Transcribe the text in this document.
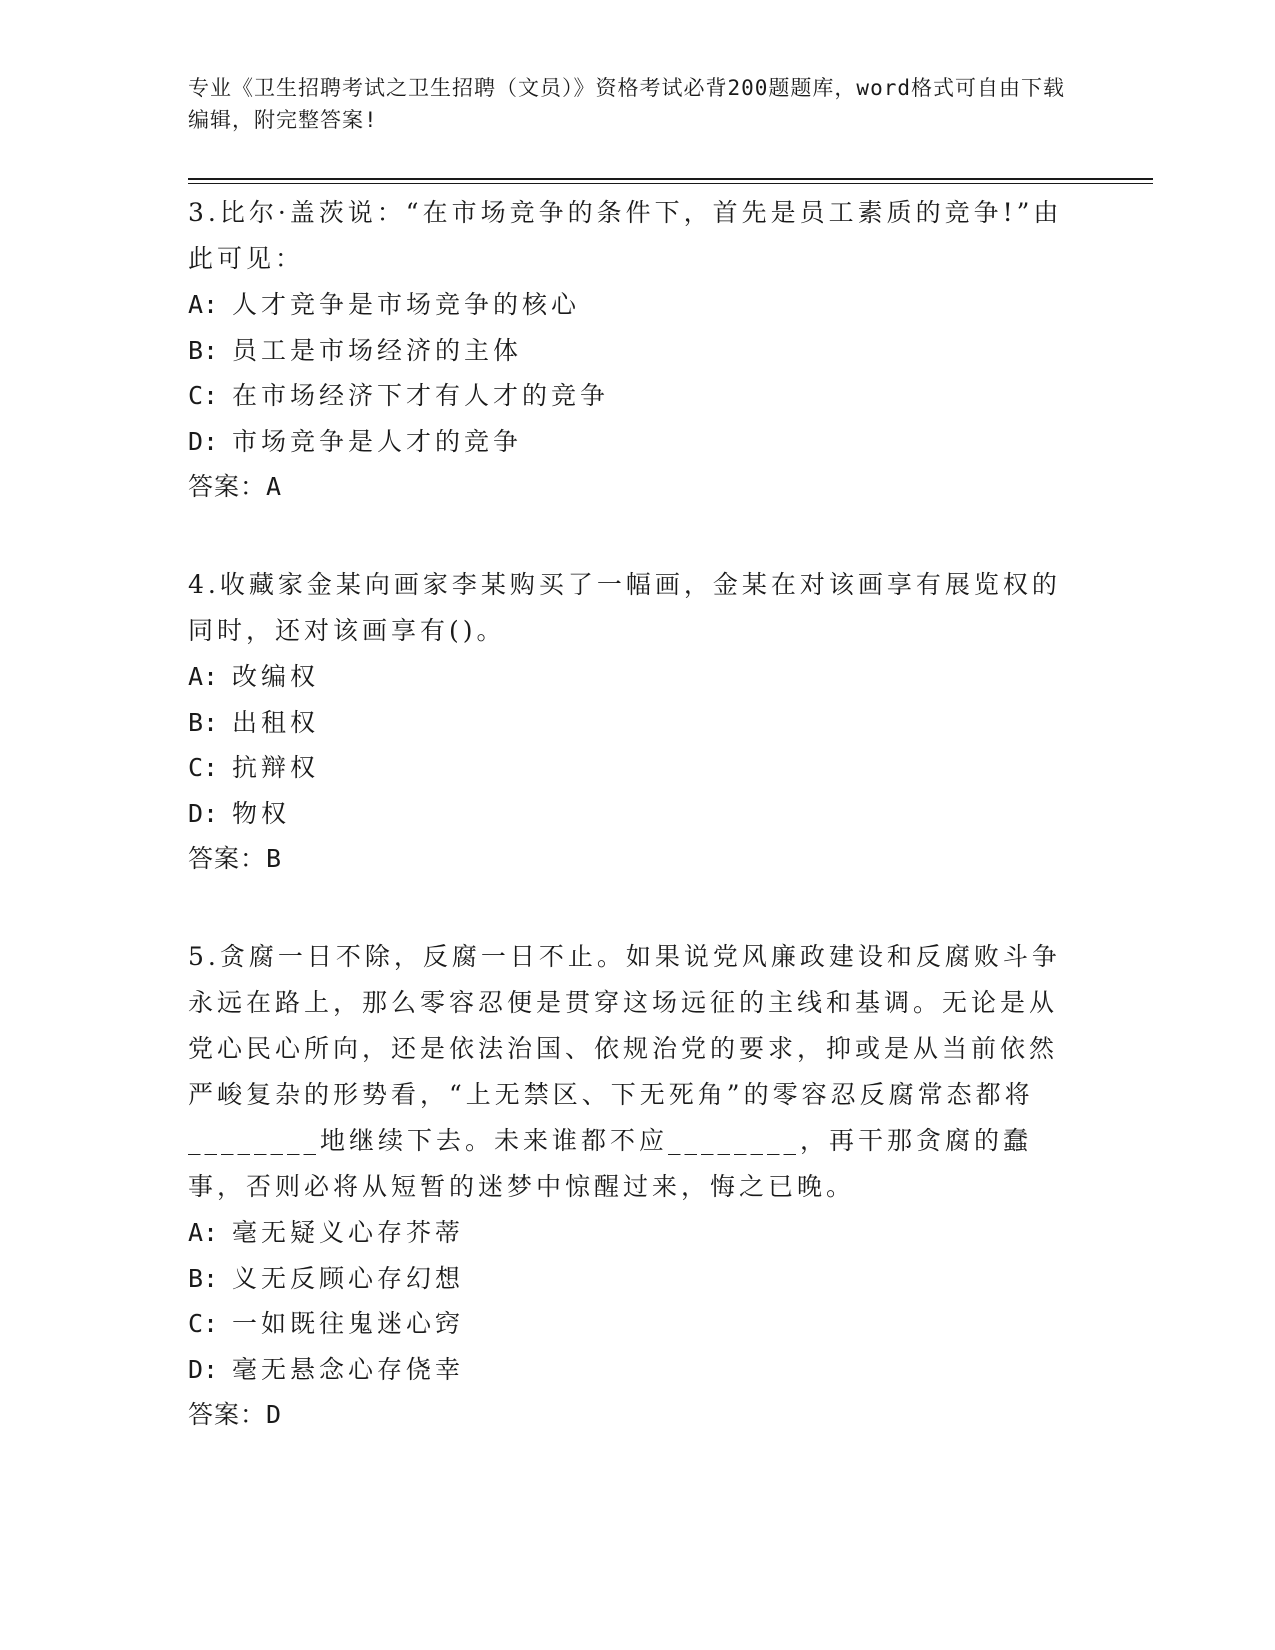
专业《卫生招聘考试之卫生招聘（文员）》资格考试必背200题题库，word格式可自由下载编辑，附完整答案!

3.比尔·盖茨说：“在市场竞争的条件下，首先是员工素质的竞争!”由此可见：

A: 人才竞争是市场竞争的核心

B: 员工是市场经济的主体

C: 在市场经济下才有人才的竞争

D: 市场竞争是人才的竞争

答案：A

4.收藏家金某向画家李某购买了一幅画，金某在对该画享有展览权的同时，还对该画享有()。

A: 改编权

B: 出租权

C: 抗辩权

D: 物权

答案：B

5.贪腐一日不除，反腐一日不止。如果说党风廉政建设和反腐败斗争永远在路上，那么零容忍便是贯穿这场远征的主线和基调。无论是从党心民心所向，还是依法治国、依规治党的要求，抑或是从当前依然严峻复杂的形势看，“上无禁区、下无死角”的零容忍反腐常态都将________地继续下去。未来谁都不应________，再干那贪腐的蠢事，否则必将从短暂的迷梦中惊醒过来，悔之已晚。

A: 毫无疑义心存芥蒂

B: 义无反顾心存幻想

C: 一如既往鬼迷心窍

D: 毫无悬念心存侥幸

答案：D
